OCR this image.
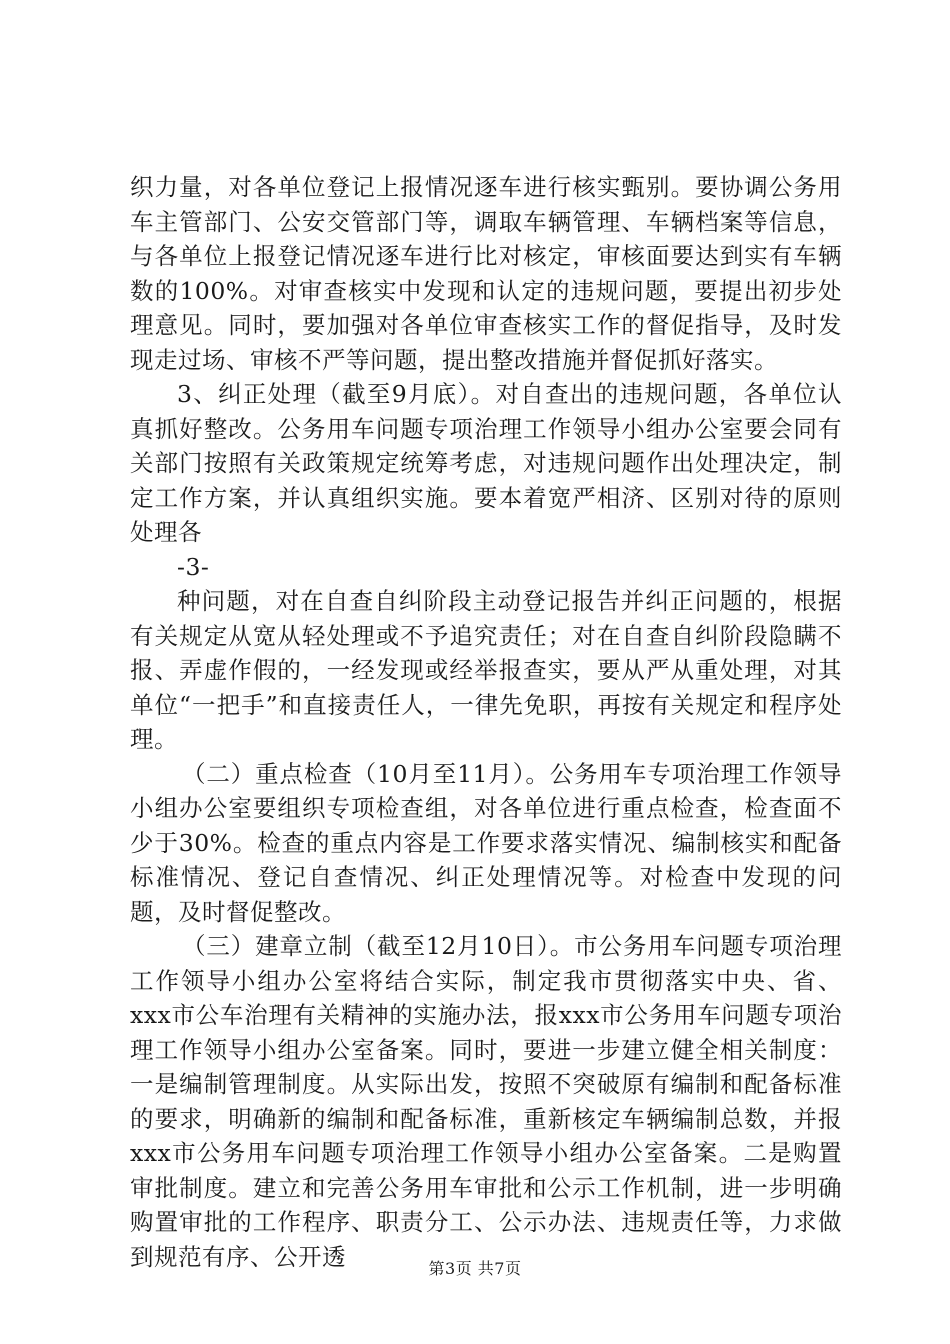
织力量，对各单位登记上报情况逐车进行核实甄别。要协调公务用车主管部门、公安交管部门等，调取车辆管理、车辆档案等信息，与各单位上报登记情况逐车进行比对核定，审核面要达到实有车辆数的100%。对审查核实中发现和认定的违规问题，要提出初步处理意见。同时，要加强对各单位审查核实工作的督促指导，及时发现走过场、审核不严等问题，提出整改措施并督促抓好落实。

3、纠正处理（截至9月底）。对自查出的违规问题，各单位认真抓好整改。公务用车问题专项治理工作领导小组办公室要会同有关部门按照有关政策规定统筹考虑，对违规问题作出处理决定，制定工作方案，并认真组织实施。要本着宽严相济、区别对待的原则处理各

-3-

种问题，对在自查自纠阶段主动登记报告并纠正问题的，根据有关规定从宽从轻处理或不予追究责任；对在自查自纠阶段隐瞒不报、弄虚作假的，一经发现或经举报查实，要从严从重处理，对其单位“一把手”和直接责任人，一律先免职，再按有关规定和程序处理。

（二）重点检查（10月至11月）。公务用车专项治理工作领导小组办公室要组织专项检查组，对各单位进行重点检查，检查面不少于30%。检查的重点内容是工作要求落实情况、编制核实和配备标准情况、登记自查情况、纠正处理情况等。对检查中发现的问题，及时督促整改。

（三）建章立制（截至12月10日）。市公务用车问题专项治理工作领导小组办公室将结合实际，制定我市贯彻落实中央、省、xxx市公车治理有关精神的实施办法，报xxx市公务用车问题专项治理工作领导小组办公室备案。同时，要进一步建立健全相关制度：一是编制管理制度。从实际出发，按照不突破原有编制和配备标准的要求，明确新的编制和配备标准，重新核定车辆编制总数，并报xxx市公务用车问题专项治理工作领导小组办公室备案。二是购置审批制度。建立和完善公务用车审批和公示工作机制，进一步明确购置审批的工作程序、职责分工、公示办法、违规责任等，力求做到规范有序、公开透	第3页 共7页
